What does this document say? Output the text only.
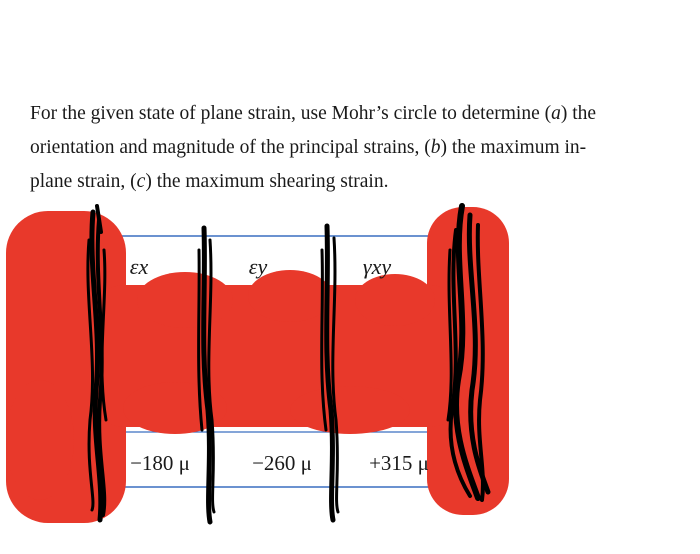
For the given state of plane strain, use Mohr’s circle to determine (a) the
orientation and magnitude of the principal strains, (b) the maximum in-
plane strain, (c) the maximum shearing strain.

εx	εy	γxy
−180 μ	−260 μ	+315 μ
